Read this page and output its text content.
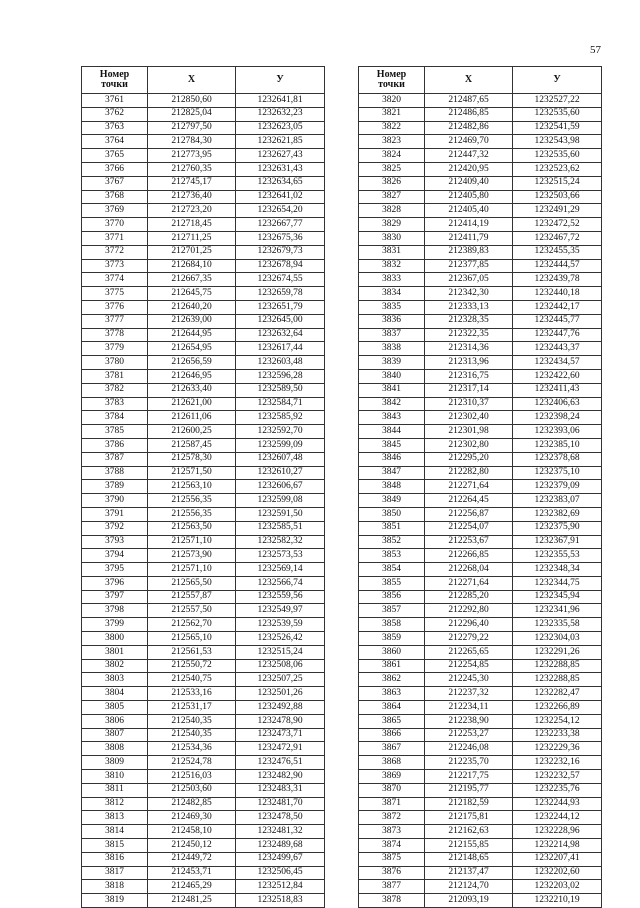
57
Номер
точки	X	У
3761	212850,60	1232641,81
3762	212825,04	1232632,23
3763	212797,50	1232623,05
3764	212784,30	1232621,85
3765	212773,95	1232627,43
3766	212760,35	1232631,43
3767	212745,17	1232634,65
3768	212736,40	1232641,02
3769	212723,20	1232654,20
3770	212718,45	1232667,77
3771	212711,25	1232675,36
3772	212701,25	1232679,73
3773	212684,10	1232678,94
3774	212667,35	1232674,55
3775	212645,75	1232659,78
3776	212640,20	1232651,79
3777	212639,00	1232645,00
3778	212644,95	1232632,64
3779	212654,95	1232617,44
3780	212656,59	1232603,48
3781	212646,95	1232596,28
3782	212633,40	1232589,50
3783	212621,00	1232584,71
3784	212611,06	1232585,92
3785	212600,25	1232592,70
3786	212587,45	1232599,09
3787	212578,30	1232607,48
3788	212571,50	1232610,27
3789	212563,10	1232606,67
3790	212556,35	1232599,08
3791	212556,35	1232591,50
3792	212563,50	1232585,51
3793	212571,10	1232582,32
3794	212573,90	1232573,53
3795	212571,10	1232569,14
3796	212565,50	1232566,74
3797	212557,87	1232559,56
3798	212557,50	1232549,97
3799	212562,70	1232539,59
3800	212565,10	1232526,42
3801	212561,53	1232515,24
3802	212550,72	1232508,06
3803	212540,75	1232507,25
3804	212533,16	1232501,26
3805	212531,17	1232492,88
3806	212540,35	1232478,90
3807	212540,35	1232473,71
3808	212534,36	1232472,91
3809	212524,78	1232476,51
3810	212516,03	1232482,90
3811	212503,60	1232483,31
3812	212482,85	1232481,70
3813	212469,30	1232478,50
3814	212458,10	1232481,32
3815	212450,12	1232489,68
3816	212449,72	1232499,67
3817	212453,71	1232506,45
3818	212465,29	1232512,84
3819	212481,25	1232518,83
Номер
точки	X	У
3820	212487,65	1232527,22
3821	212486,85	1232535,60
3822	212482,86	1232541,59
3823	212469,70	1232543,98
3824	212447,32	1232535,60
3825	212420,95	1232523,62
3826	212409,40	1232515,24
3827	212405,80	1232503,66
3828	212405,40	1232491,29
3829	212414,19	1232472,52
3830	212411,79	1232467,72
3831	212389,83	1232455,35
3832	212377,85	1232444,57
3833	212367,05	1232439,78
3834	212342,30	1232440,18
3835	212333,13	1232442,17
3836	212328,35	1232445,77
3837	212322,35	1232447,76
3838	212314,36	1232443,37
3839	212313,96	1232434,57
3840	212316,75	1232422,60
3841	212317,14	1232411,43
3842	212310,37	1232406,63
3843	212302,40	1232398,24
3844	212301,98	1232393,06
3845	212302,80	1232385,10
3846	212295,20	1232378,68
3847	212282,80	1232375,10
3848	212271,64	1232379,09
3849	212264,45	1232383,07
3850	212256,87	1232382,69
3851	212254,07	1232375,90
3852	212253,67	1232367,91
3853	212266,85	1232355,53
3854	212268,04	1232348,34
3855	212271,64	1232344,75
3856	212285,20	1232345,94
3857	212292,80	1232341,96
3858	212296,40	1232335,58
3859	212279,22	1232304,03
3860	212265,65	1232291,26
3861	212254,85	1232288,85
3862	212245,30	1232288,85
3863	212237,32	1232282,47
3864	212234,11	1232266,89
3865	212238,90	1232254,12
3866	212253,27	1232233,38
3867	212246,08	1232229,36
3868	212235,70	1232232,16
3869	212217,75	1232232,57
3870	212195,77	1232235,76
3871	212182,59	1232244,93
3872	212175,81	1232244,12
3873	212162,63	1232228,96
3874	212155,85	1232214,98
3875	212148,65	1232207,41
3876	212137,47	1232202,60
3877	212124,70	1232203,02
3878	212093,19	1232210,19
